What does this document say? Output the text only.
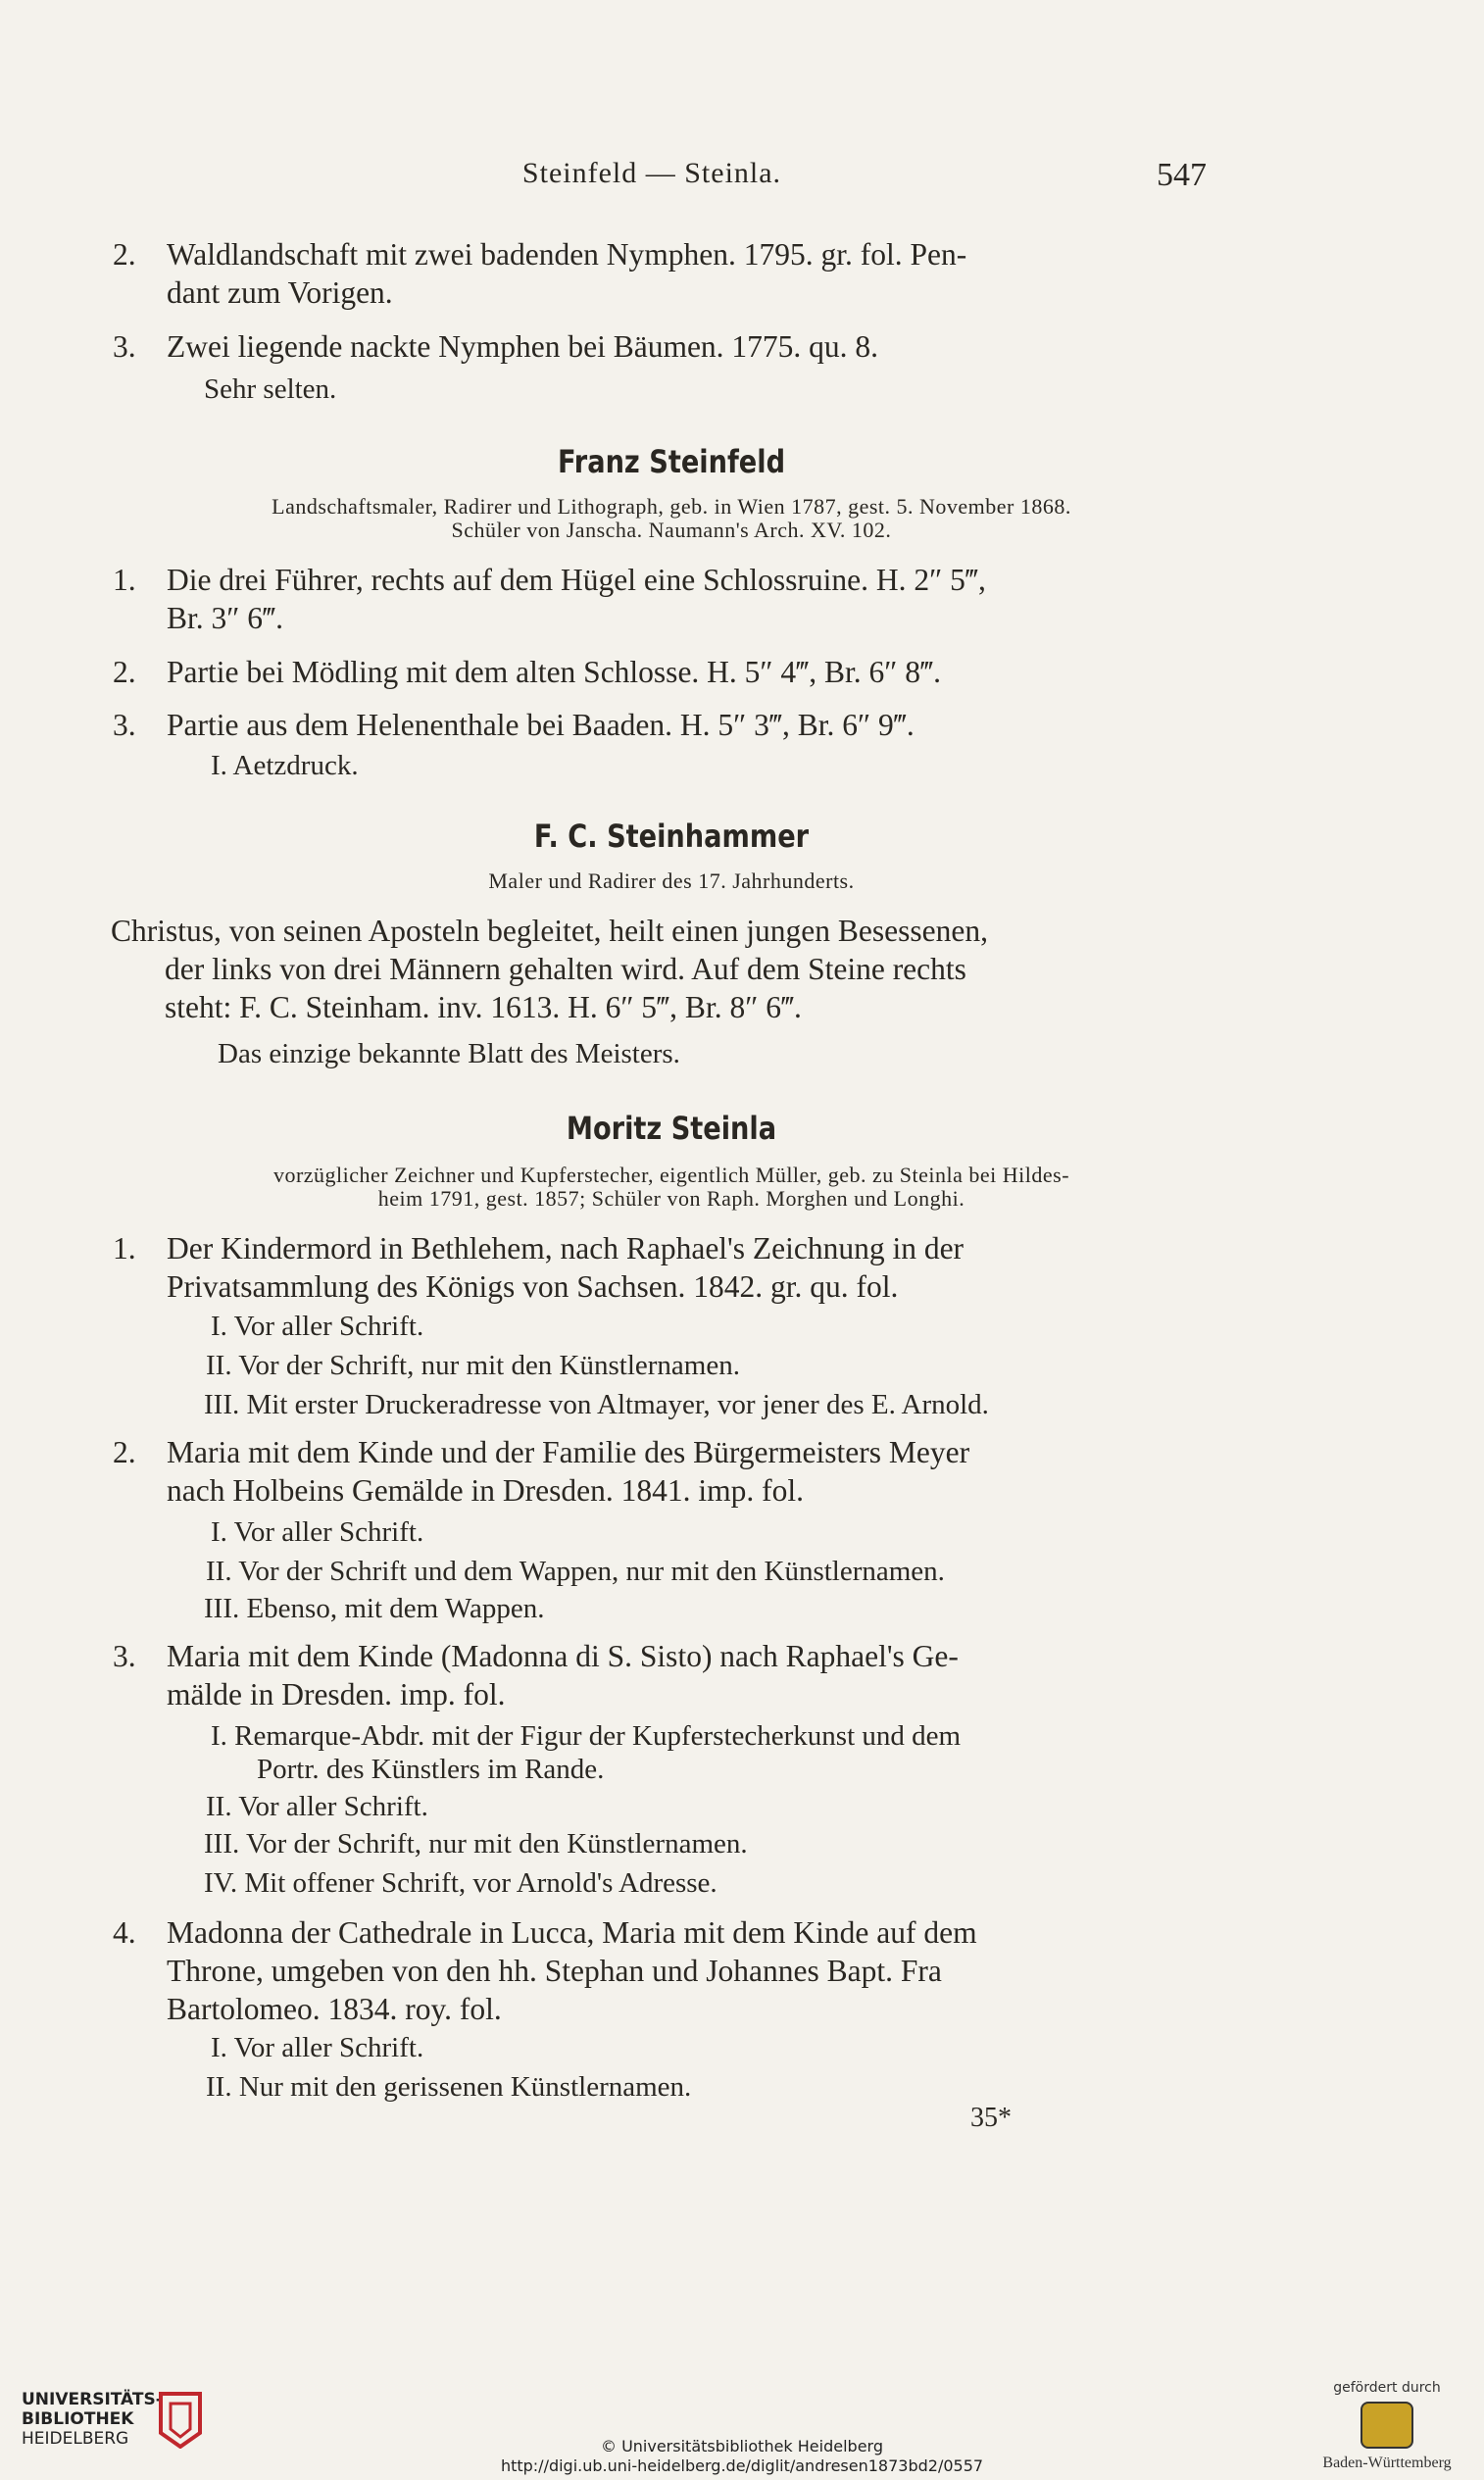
Steinfeld — Steinla.	547
2. Waldlandschaft mit zwei badenden Nymphen. 1795. gr. fol. Pen-
dant zum Vorigen.
3. Zwei liegende nackte Nymphen bei Bäumen. 1775. qu. 8.
Sehr selten.
Franz Steinfeld
Landschaftsmaler, Radirer und Lithograph, geb. in Wien 1787, gest. 5. November 1868.
Schüler von Janscha. Naumann's Arch. XV. 102.
1. Die drei Führer, rechts auf dem Hügel eine Schlossruine. H. 2″ 5‴,
Br. 3″ 6‴.
2. Partie bei Mödling mit dem alten Schlosse. H. 5″ 4‴, Br. 6″ 8‴.
3. Partie aus dem Helenenthale bei Baaden. H. 5″ 3‴, Br. 6″ 9‴.
I. Aetzdruck.
F. C. Steinhammer
Maler und Radirer des 17. Jahrhunderts.
Christus, von seinen Aposteln begleitet, heilt einen jungen Besessenen,
der links von drei Männern gehalten wird. Auf dem Steine rechts
steht: F. C. Steinham. inv. 1613. H. 6″ 5‴, Br. 8″ 6‴.
Das einzige bekannte Blatt des Meisters.
Moritz Steinla
vorzüglicher Zeichner und Kupferstecher, eigentlich Müller, geb. zu Steinla bei Hildes-
heim 1791, gest. 1857; Schüler von Raph. Morghen und Longhi.
1. Der Kindermord in Bethlehem, nach Raphael's Zeichnung in der
Privatsammlung des Königs von Sachsen. 1842. gr. qu. fol.
I. Vor aller Schrift.
II. Vor der Schrift, nur mit den Künstlernamen.
III. Mit erster Druckeradresse von Altmayer, vor jener des E. Arnold.
2. Maria mit dem Kinde und der Familie des Bürgermeisters Meyer
nach Holbeins Gemälde in Dresden. 1841. imp. fol.
I. Vor aller Schrift.
II. Vor der Schrift und dem Wappen, nur mit den Künstlernamen.
III. Ebenso, mit dem Wappen.
3. Maria mit dem Kinde (Madonna di S. Sisto) nach Raphael's Ge-
mälde in Dresden. imp. fol.
I. Remarque-Abdr. mit der Figur der Kupferstecherkunst und dem
Portr. des Künstlers im Rande.
II. Vor aller Schrift.
III. Vor der Schrift, nur mit den Künstlernamen.
IV. Mit offener Schrift, vor Arnold's Adresse.
4. Madonna der Cathedrale in Lucca, Maria mit dem Kinde auf dem
Throne, umgeben von den hh. Stephan und Johannes Bapt. Fra
Bartolomeo. 1834. roy. fol.
I. Vor aller Schrift.
II. Nur mit den gerissenen Künstlernamen.
35*
UNIVERSITÄTS-
BIBLIOTHEK
HEIDELBERG
gefördert durch
Baden-Württemberg
© Universitätsbibliothek Heidelberg
http://digi.ub.uni-heidelberg.de/diglit/andresen1873bd2/0557
